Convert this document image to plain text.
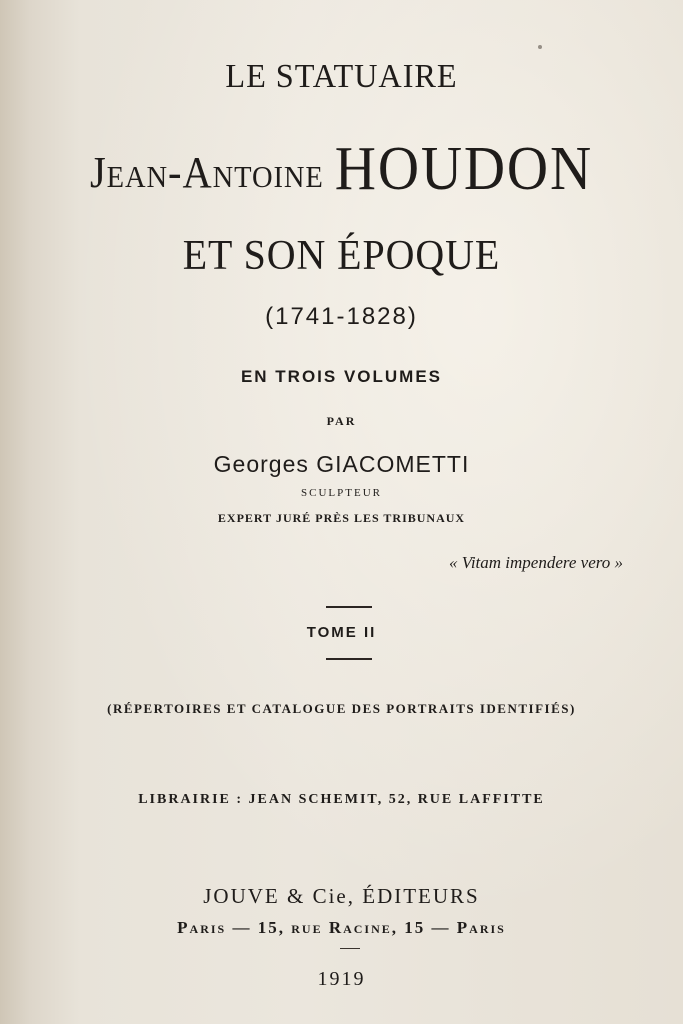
LE STATUAIRE
Jean-Antoine HOUDON
ET SON ÉPOQUE
(1741-1828)
EN TROIS VOLUMES
PAR
Georges GIACOMETTI
SCULPTEUR
EXPERT JURÉ PRÈS LES TRIBUNAUX
« Vitam impendere vero »
TOME II
(RÉPERTOIRES ET CATALOGUE DES PORTRAITS IDENTIFIÉS)
LIBRAIRIE : JEAN SCHEMIT, 52, RUE LAFFITTE
JOUVE & Cie, ÉDITEURS
Paris — 15, rue Racine, 15 — Paris
1919
